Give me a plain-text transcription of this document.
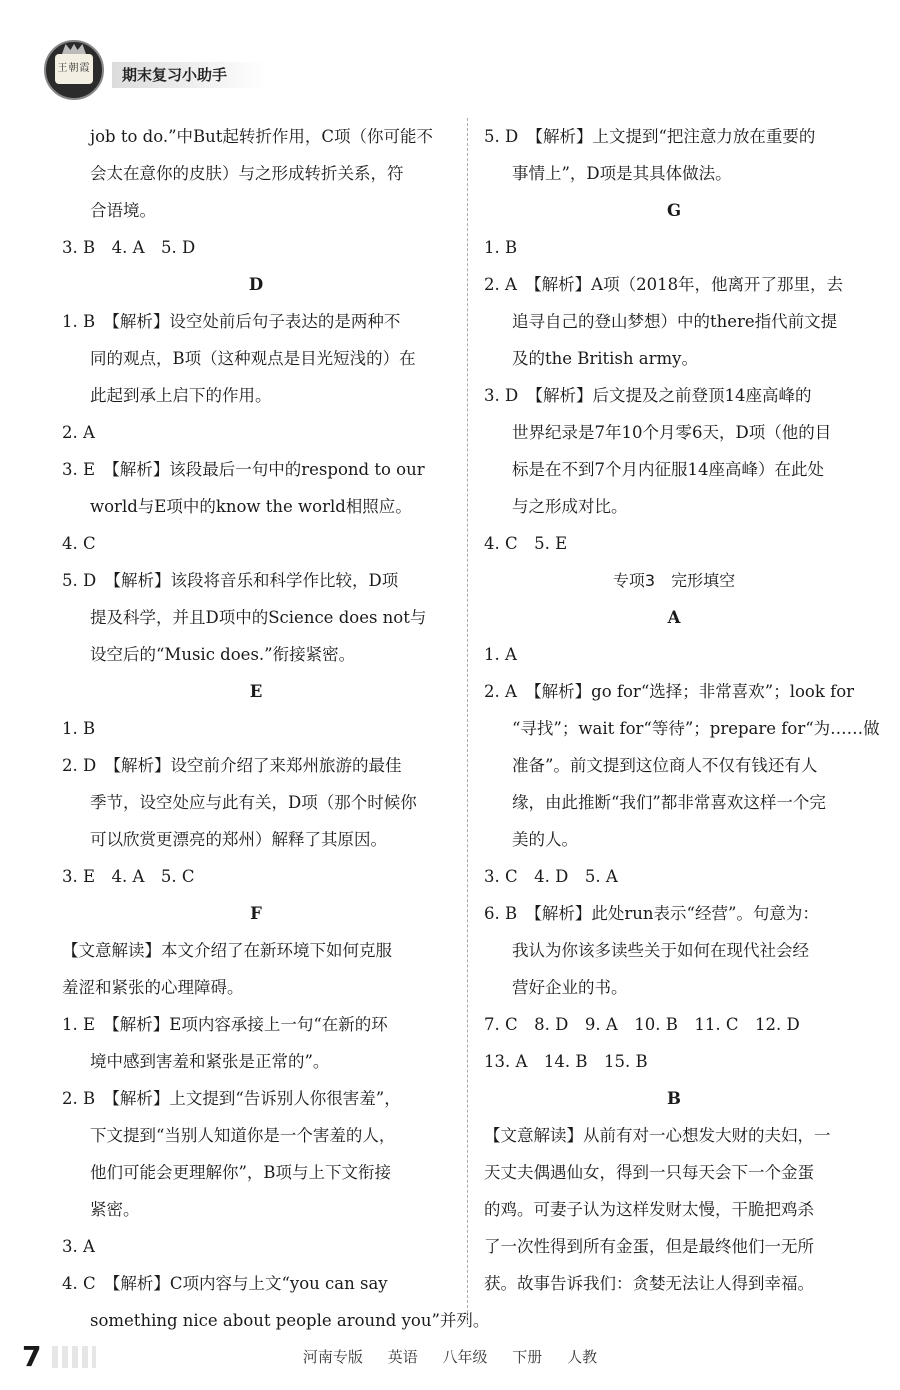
王朝霞	期末复习小助手
job to do.”中But起转折作用，C项（你可能不
会太在意你的皮肤）与之形成转折关系，符
合语境。
3. B　4. A　5. D
D
1. B　【解析】设空处前后句子表达的是两种不
同的观点，B项（这种观点是目光短浅的）在
此起到承上启下的作用。
2. A
3. E　【解析】该段最后一句中的respond to our
world与E项中的know the world相照应。
4. C
5. D　【解析】该段将音乐和科学作比较，D项
提及科学，并且D项中的Science does not与
设空后的“Music does.”衔接紧密。
E
1. B
2. D　【解析】设空前介绍了来郑州旅游的最佳
季节，设空处应与此有关，D项（那个时候你
可以欣赏更漂亮的郑州）解释了其原因。
3. E　4. A　5. C
F
【文意解读】本文介绍了在新环境下如何克服
羞涩和紧张的心理障碍。
1. E　【解析】E项内容承接上一句“在新的环
境中感到害羞和紧张是正常的”。
2. B　【解析】上文提到“告诉别人你很害羞”，
下文提到“当别人知道你是一个害羞的人，
他们可能会更理解你”，B项与上下文衔接
紧密。
3. A
4. C　【解析】C项内容与上文“you can say
something nice about people around you”并列。
5. D　【解析】上文提到“把注意力放在重要的
事情上”，D项是其具体做法。
G
1. B
2. A　【解析】A项（2018年，他离开了那里，去
追寻自己的登山梦想）中的there指代前文提
及的the British army。
3. D　【解析】后文提及之前登顶14座高峰的
世界纪录是7年10个月零6天，D项（他的目
标是在不到7个月内征服14座高峰）在此处
与之形成对比。
4. C　5. E
专项3　完形填空
A
1. A
2. A　【解析】go for“选择；非常喜欢”；look for
“寻找”；wait for“等待”；prepare for“为……做
准备”。前文提到这位商人不仅有钱还有人
缘，由此推断“我们”都非常喜欢这样一个完
美的人。
3. C　4. D　5. A
6. B　【解析】此处run表示“经营”。句意为：
我认为你该多读些关于如何在现代社会经
营好企业的书。
7. C　8. D　9. A　10. B　11. C　12. D
13. A　14. B　15. B
B
【文意解读】从前有对一心想发大财的夫妇，一
天丈夫偶遇仙女，得到一只每天会下一个金蛋
的鸡。可妻子认为这样发财太慢，干脆把鸡杀
了一次性得到所有金蛋，但是最终他们一无所
获。故事告诉我们：贪婪无法让人得到幸福。
7	河南专版 英语 八年级 下册 人教
